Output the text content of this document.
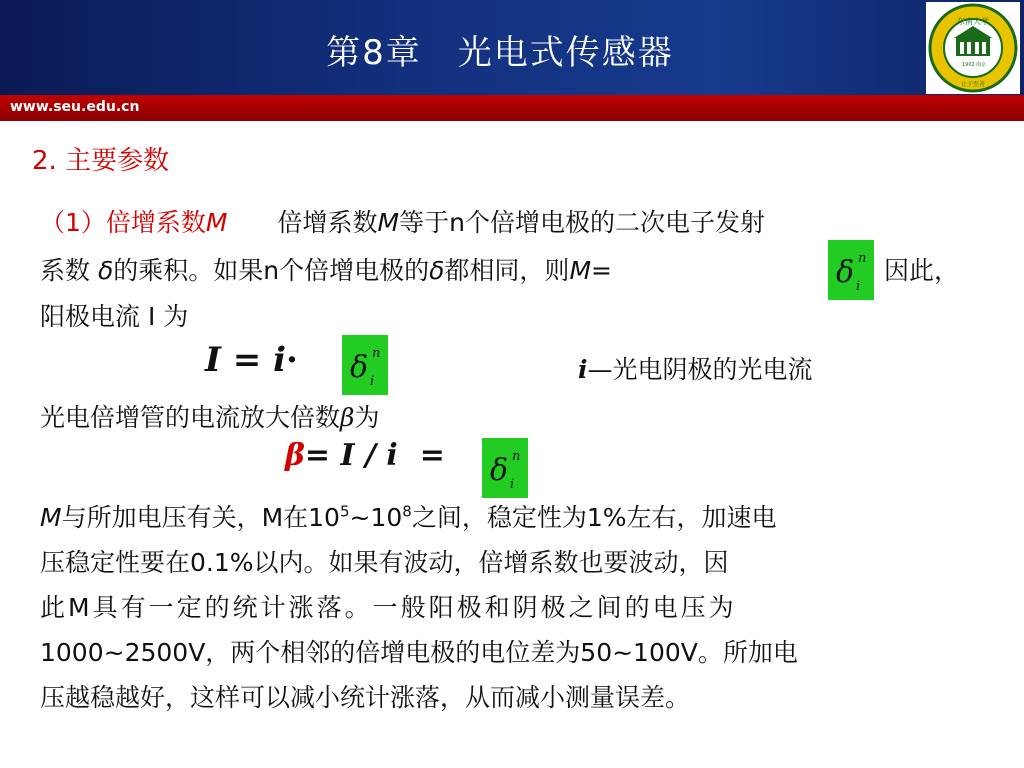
第8章　光电式传感器
www.seu.edu.cn
东南大学
1902 南京
止于至善
2. 主要参数
（1）倍增系数M 倍增系数M等于n个倍增电极的二次电子发射
系数 δ的乘积。如果n个倍增电极的δ都相同，则M=	δ n
i
因此，
阳极电流 I 为
I = i· δ n
i	i—光电阴极的光电流
光电倍增管的电流放大倍数β为
β= I / i = δ n
i
M与所加电压有关，M在$10^5\sim 10^8$之间，稳定性为1%左右，加速电
压稳定性要在0.1%以内。如果有波动，倍增系数也要波动，因
此M具有一定的统计涨落。一般阳极和阴极之间的电压为
1000~2500V，两个相邻的倍增电极的电位差为50~100V。所加电
压越稳越好，这样可以减小统计涨落，从而减小测量误差。
